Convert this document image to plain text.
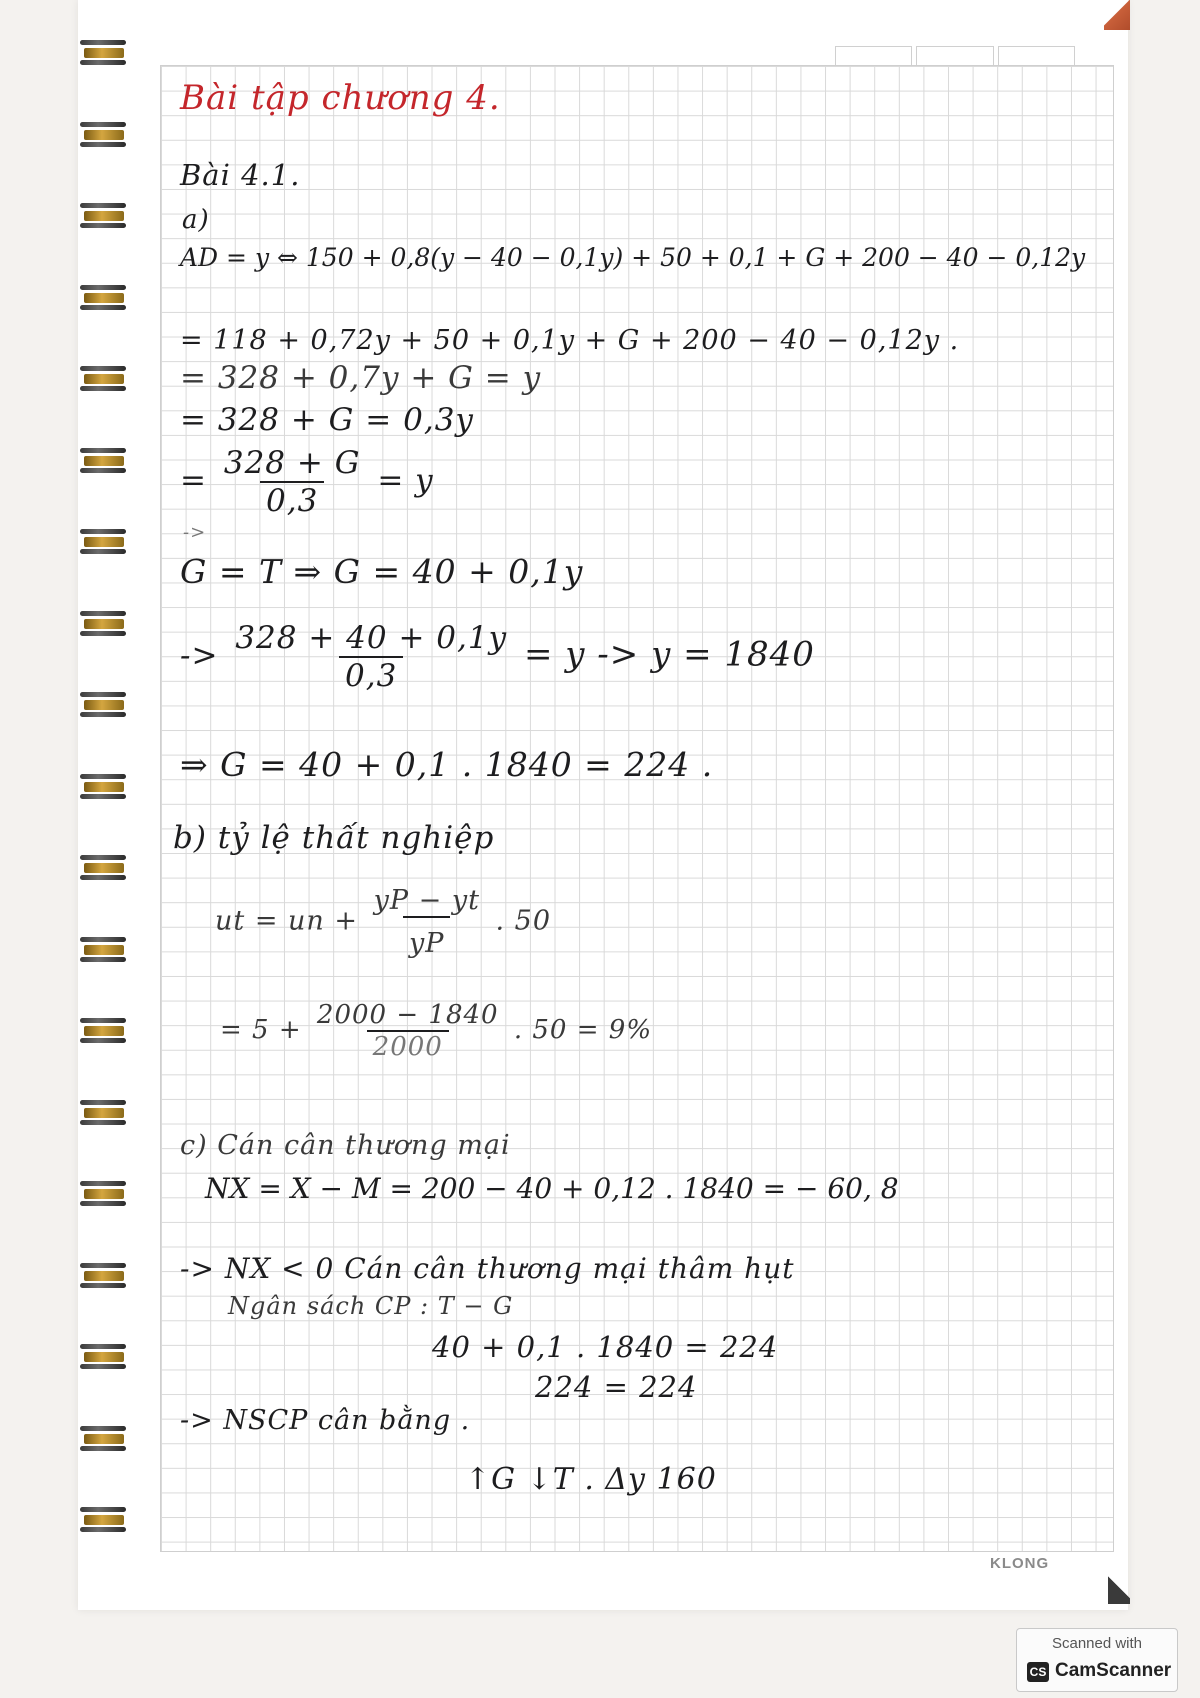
Bài tập chương 4.
Bài 4.1.
a)
AD = y ⇔ 150 + 0,8(y − 40 − 0,1y) + 50 + 0,1 + G + 200 − 40 − 0,12y
= 118 + 0,72y + 50 + 0,1y + G + 200 − 40 − 0,12y .
= 328 + 0,7y + G = y
= 328 + G = 0,3y
= $\frac{328 + G}{0,3} = y$
->
G = T ⇒ G = 40 + 0,1y
-> $\frac{328 + 40 + 0,1y}{0,3} = y -> y = 1840$
⇒ G = 40 + 0,1 . 1840 = 224 .
b) tỷ lệ thất nghiệp
ut = un + $\frac{yP - yt}{yP}$ . 50
= $5 + \frac{2000 - 1840}{2000}$ . 50 = 9%
c) Cán cân thương mại
NX = X − M = 200 − 40 + 0,12 . 1840 = − 60, 8
-> NX < 0 Cán cân thương mại thâm hụt
Ngân sách CP : T − G
40 + 0,1 . 1840 = 224
224 = 224
-> NSCP cân bằng .
↑G ↓T . Δy 160
KLONG
Scanned with
CS CamScanner
